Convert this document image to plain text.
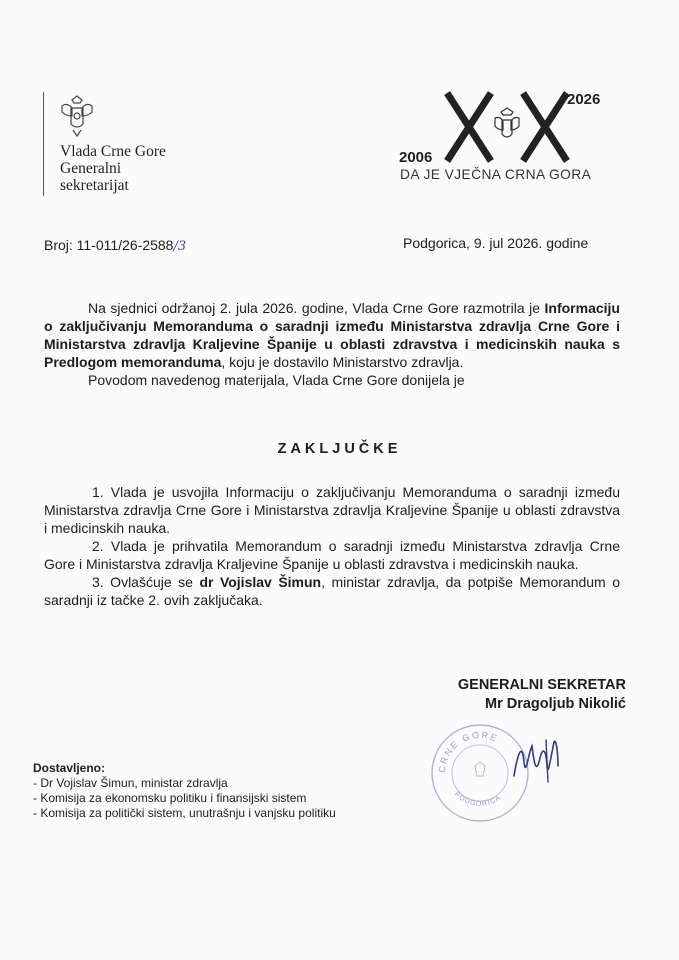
Vlada Crne Gore
Generalni
sekretarijat
2006
2026
DA JE VJEČNA CRNA GORA
Broj: 11-011/26-2588/3	Podgorica, 9. jul 2026. godine

Na sjednici održanoj 2. jula 2026. godine, Vlada Crne Gore razmotrila je Informaciju o zaključivanju Memoranduma o saradnji između Ministarstva zdravlja Crne Gore i Ministarstva zdravlja Kraljevine Španije u oblasti zdravstva i medicinskih nauka s Predlogom memoranduma, koju je dostavilo Ministarstvo zdravlja.

Povodom navedenog materijala, Vlada Crne Gore donijela je

ZAKLJUČKE

1. Vlada je usvojila Informaciju o zaključivanju Memoranduma o saradnji između Ministarstva zdravlja Crne Gore i Ministarstva zdravlja Kraljevine Španije u oblasti zdravstva i medicinskih nauka.

2. Vlada je prihvatila Memorandum o saradnji između Ministarstva zdravlja Crne Gore i Ministarstva zdravlja Kraljevine Španije u oblasti zdravstva i medicinskih nauka.

3. Ovlašćuje se dr Vojislav Šimun, ministar zdravlja, da potpiše Memorandum o saradnji iz tačke 2. ovih zaključaka.

GENERALNI SEKRETAR
Mr Dragoljub Nikolić
CRNE GORE
PODGORICA
Dostavljeno:
- Dr Vojislav Šimun, ministar zdravlja
- Komisija za ekonomsku politiku i finansijski sistem
- Komisija za politički sistem, unutrašnju i vanjsku politiku
